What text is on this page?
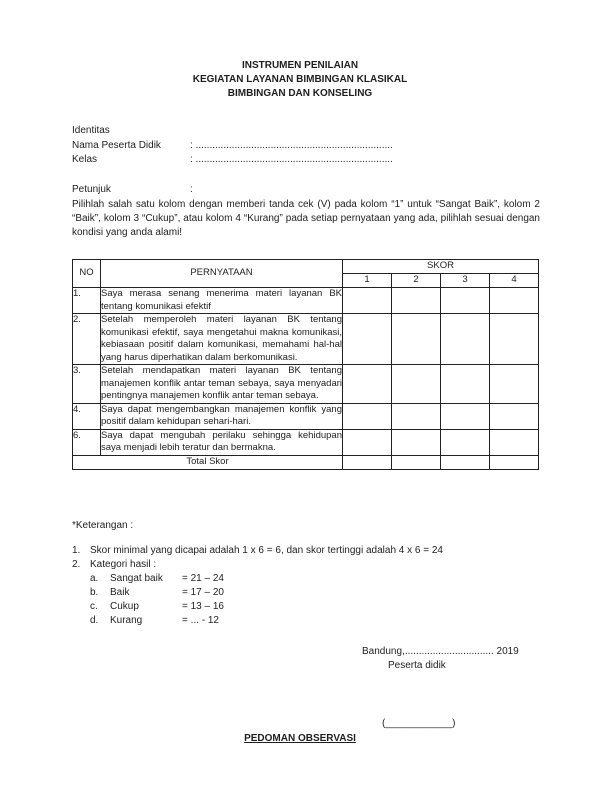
INSTRUMEN PENILAIAN
KEGIATAN LAYANAN BIMBINGAN KLASIKAL
BIMBINGAN DAN KONSELING
Identitas
Nama Peserta Didik	: .......................................................................
Kelas	: .......................................................................
Petunjuk	:
Pilihlah salah satu kolom dengan memberi tanda cek (V) pada kolom “1” untuk “Sangat Baik”, kolom 2 “Baik”, kolom 3 “Cukup”, atau kolom 4 “Kurang” pada setiap pernyataan yang ada, pilihlah sesuai dengan kondisi yang anda alami!
NO	PERNYATAAN	SKOR			
		1	2	3	4
1.	Saya merasa senang menerima materi layanan BK tentang komunikasi efektif				
2.	Setelah memperoleh materi layanan BK tentang komunikasi efektif, saya mengetahui makna komunikasi, kebiasaan positif dalam komunikasi, memahami hal-hal yang harus diperhatikan dalam berkomunikasi.				
3.	Setelah mendapatkan materi layanan BK tentang manajemen konflik antar teman sebaya, saya menyadari pentingnya manajemen konflik antar teman sebaya.				
4.	Saya dapat mengembangkan manajemen konflik yang positif dalam kehidupan sehari-hari.				
6.	Saya dapat mengubah perilaku sehingga kehidupan saya menjadi lebih teratur dan bermakna.				
Total Skor					
*Keterangan :
1. Skor minimal yang dicapai adalah 1 x 6 = 6, dan skor tertinggi adalah 4 x 6 = 24
2. Kategori hasil :
a.	Sangat baik	= 21 – 24
b.	Baik	= 17 – 20
c.	Cukup	= 13 – 16
d.	Kurang	= ... - 12
Bandung,................................ 2019
Peserta didik
(____________)
PEDOMAN OBSERVASI
